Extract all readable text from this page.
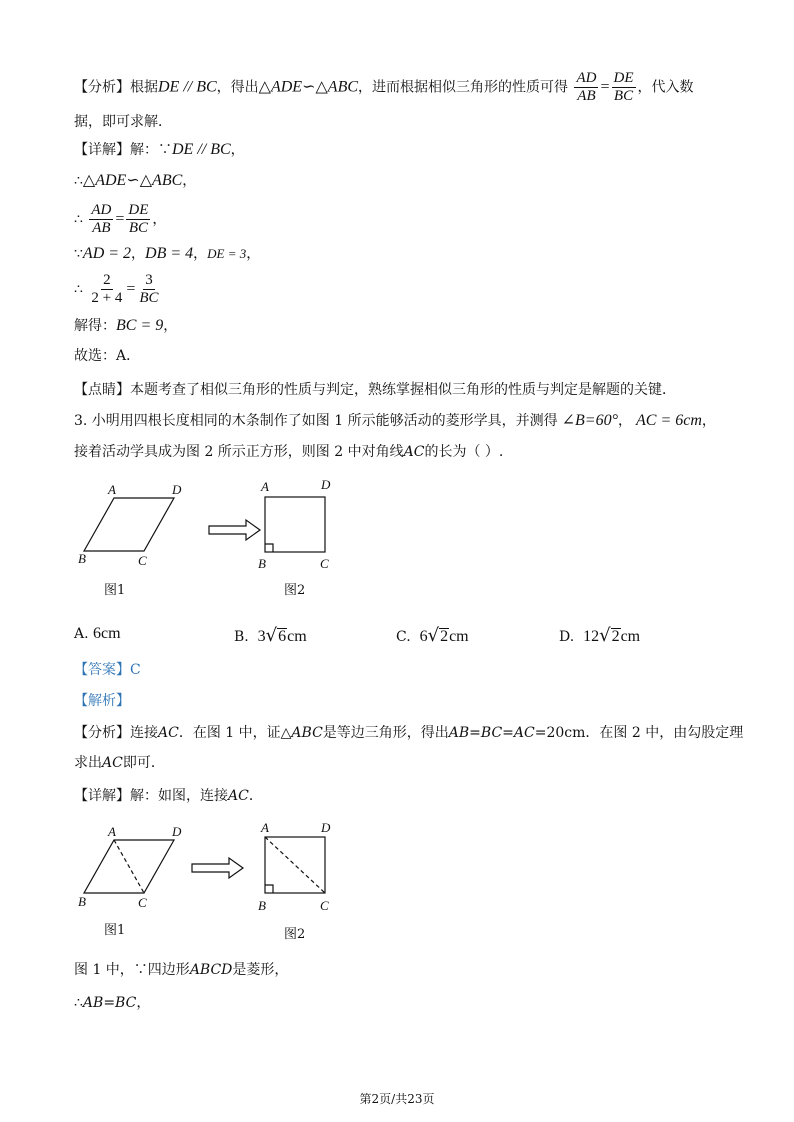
【分析】根据DE // BC，得出△ADE∽△ABC，进而根据相似三角形的性质可得 $\frac{AD}{AB} = \frac{DE}{BC}$ ，代入数
据，即可求解．
【详解】解：∵DE // BC，
∴△ADE∽△ABC，
∴ $\frac{AD}{AB} = \frac{DE}{BC}$ ，
∵AD = 2，DB = 4，DE = 3，
∴ $\frac{2}{2 + 4} = \frac{3}{BC}$
解得：BC = 9，
故选：A．
【点睛】本题考查了相似三角形的性质与判定，熟练掌握相似三角形的性质与判定是解题的关键．
3. 小明用四根长度相同的木条制作了如图 1 所示能够活动的菱形学具，并测得 ∠B=60°， AC = 6cm，
接着活动学具成为图 2 所示正方形，则图 2 中对角线AC的长为（ ）.
A	D
B	C
A	D
B	C
图1	图2
A. 6cm	B. 3√6cm	C. 6√2cm	D. 12√2cm
【答案】C
【解析】
【分析】连接AC．在图 1 中，证△ABC是等边三角形，得出AB=BC=AC=20cm．在图 2 中，由勾股定理
求出AC即可．
【详解】解：如图，连接AC．
A	D
B	C
A	D
B	C
图1	图2
图 1 中，∵四边形ABCD是菱形，
∴AB=BC，
第2页/共23页
